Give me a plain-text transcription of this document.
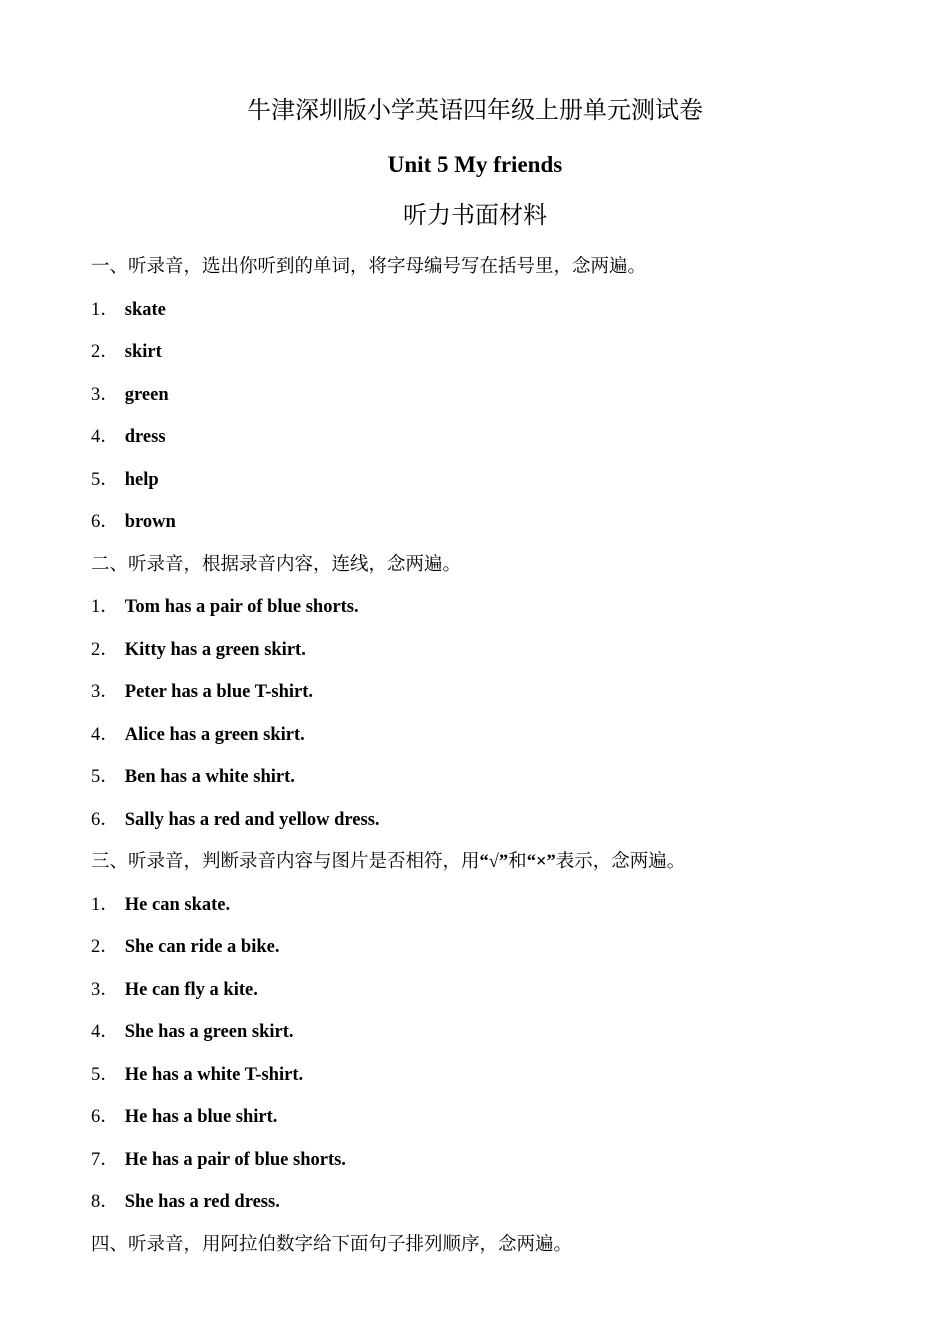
牛津深圳版小学英语四年级上册单元测试卷
Unit 5 My friends
听力书面材料
一、听录音，选出你听到的单词，将字母编号写在括号里，念两遍。
1． skate
2． skirt
3． green
4． dress
5． help
6． brown
二、听录音，根据录音内容，连线，念两遍。
1． Tom has a pair of blue shorts.
2． Kitty has a green skirt.
3． Peter has a blue T-shirt.
4． Alice has a green skirt.
5． Ben has a white shirt.
6． Sally has a red and yellow dress.
三、听录音，判断录音内容与图片是否相符，用“√”和“×”表示，念两遍。
1． He can skate.
2． She can ride a bike.
3． He can fly a kite.
4． She has a green skirt.
5． He has a white T-shirt.
6． He has a blue shirt.
7． He has a pair of blue shorts.
8． She has a red dress.
四、听录音，用阿拉伯数字给下面句子排列顺序，念两遍。
